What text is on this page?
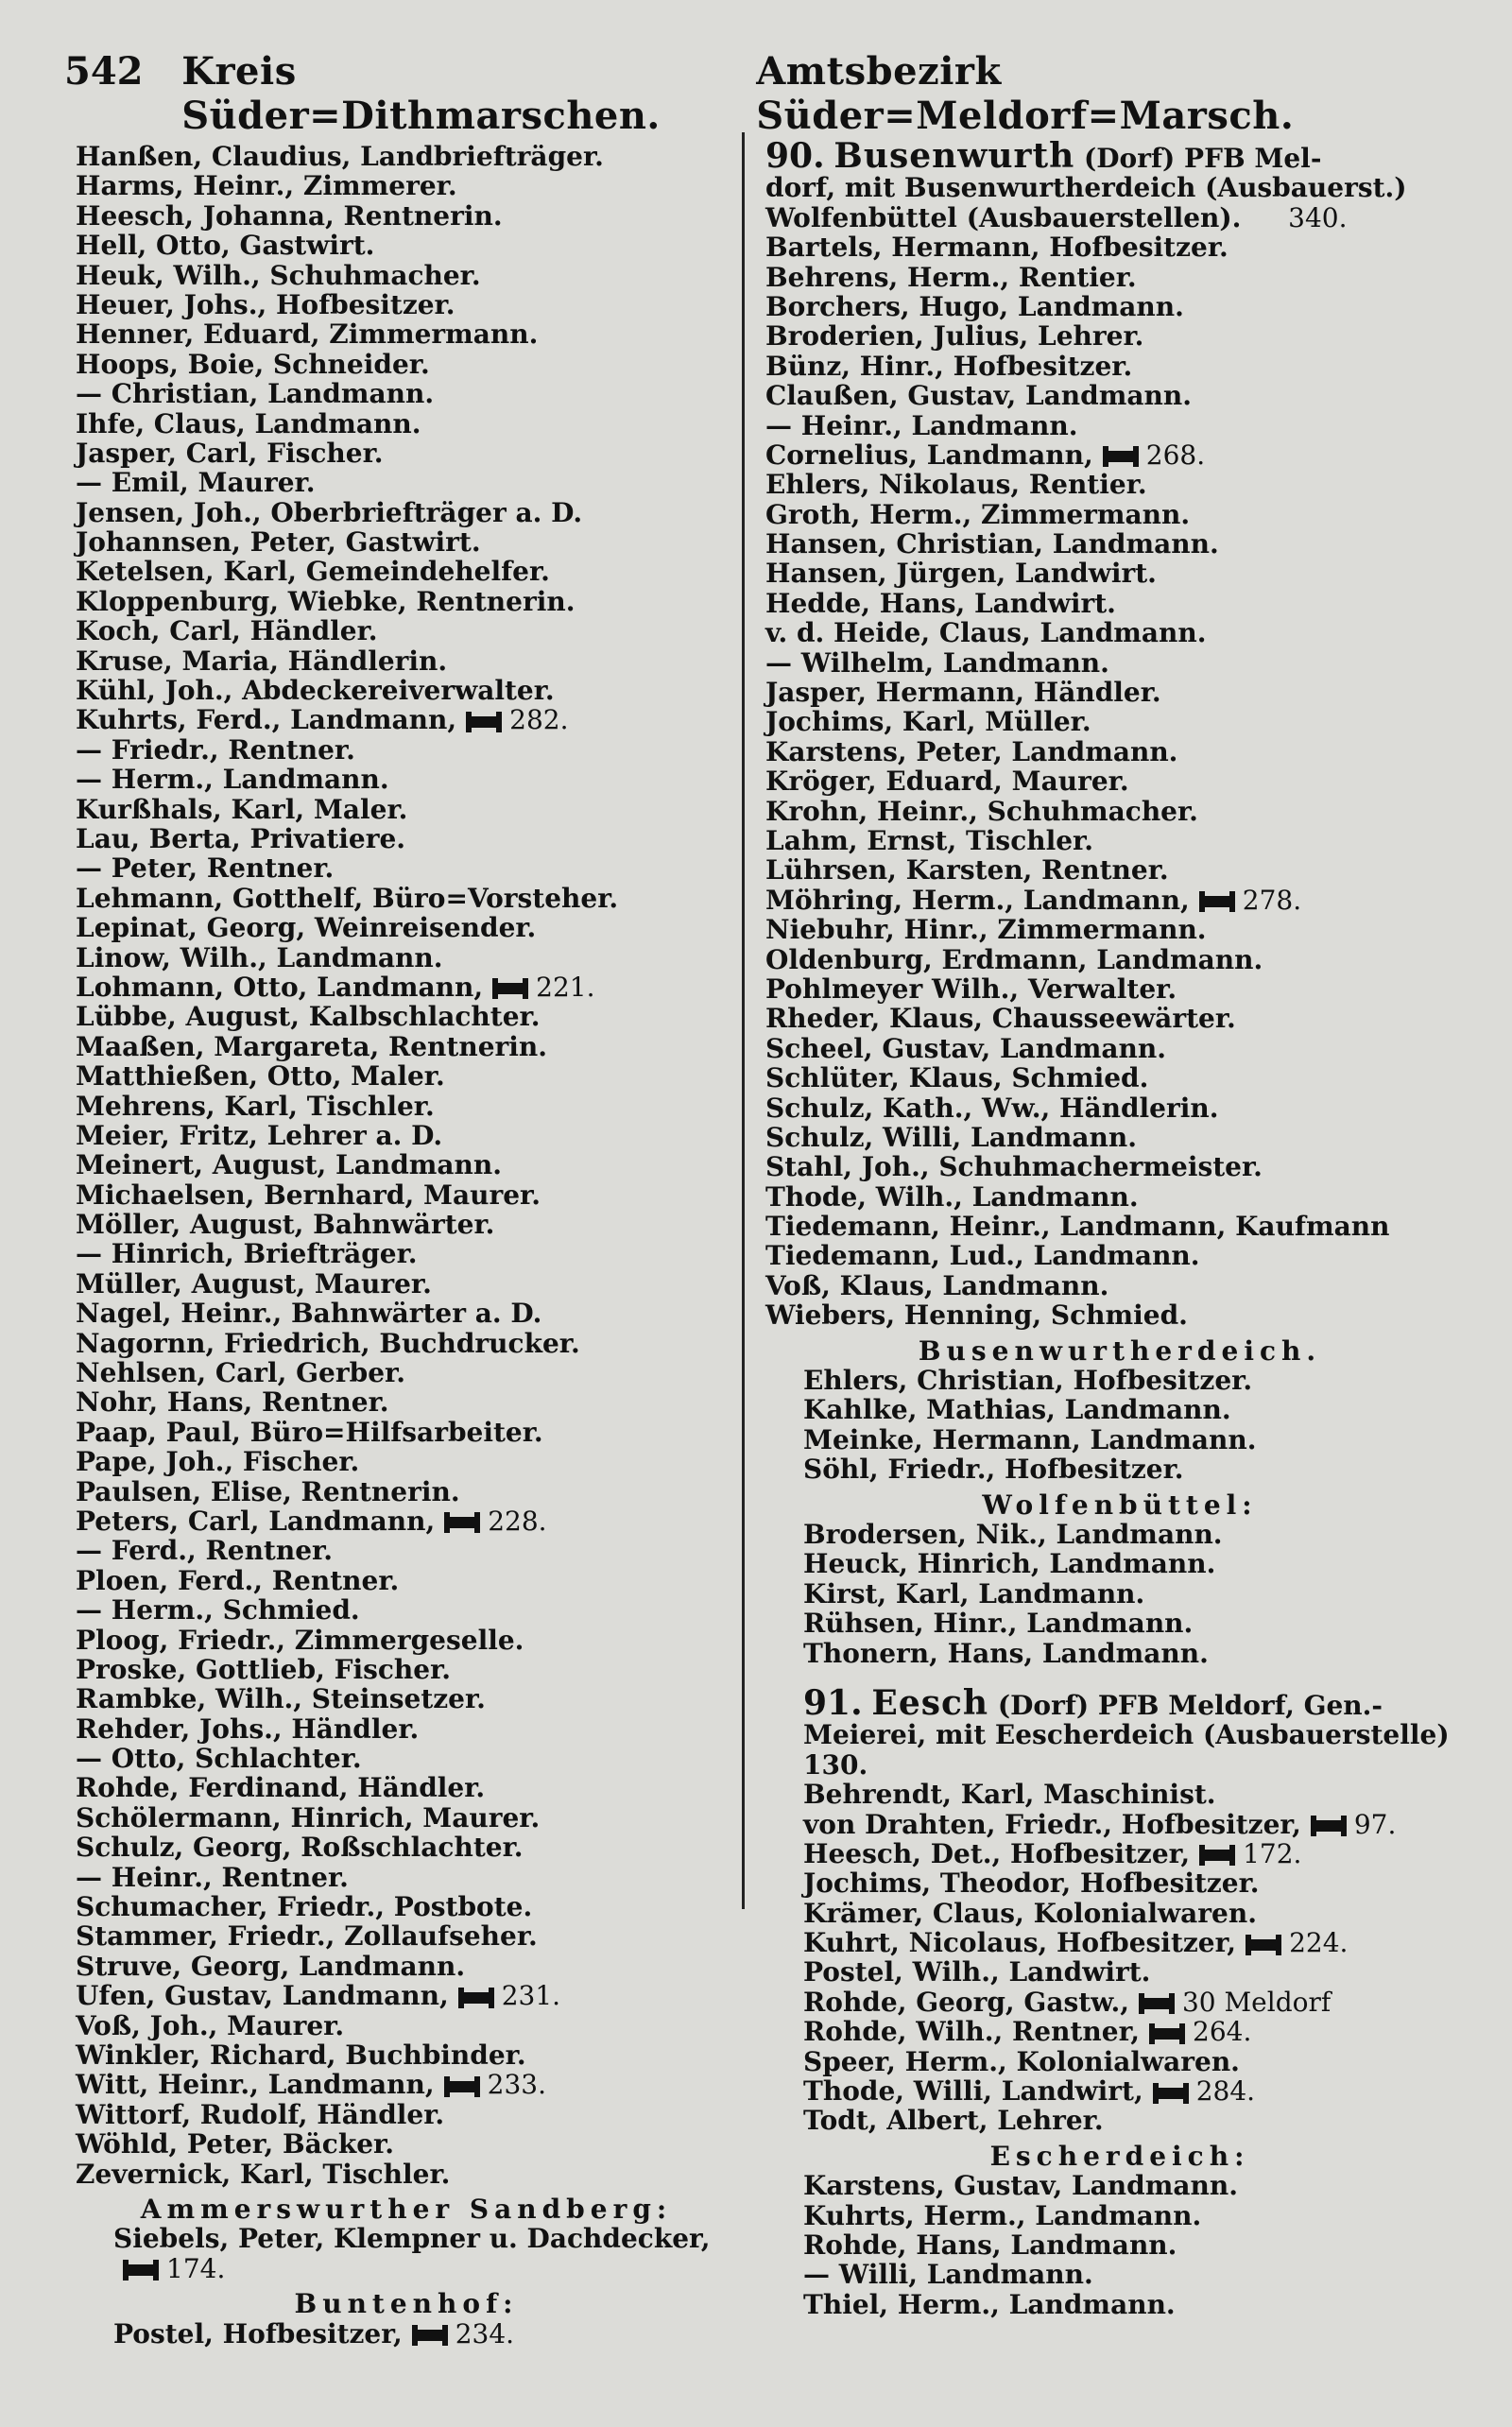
542	Kreis Süder=Dithmarschen.
Amtsbezirk Süder=Meldorf=Marsch.
Hanßen, Claudius, Landbriefträger.
Harms, Heinr., Zimmerer.
Heesch, Johanna, Rentnerin.
Hell, Otto, Gastwirt.
Heuk, Wilh., Schuhmacher.
Heuer, Johs., Hofbesitzer.
Henner, Eduard, Zimmermann.
Hoops, Boie, Schneider.
— Christian, Landmann.
Ihfe, Claus, Landmann.
Jasper, Carl, Fischer.
— Emil, Maurer.
Jensen, Joh., Oberbriefträger a. D.
Johannsen, Peter, Gastwirt.
Ketelsen, Karl, Gemeindehelfer.
Kloppenburg, Wiebke, Rentnerin.
Koch, Carl, Händler.
Kruse, Maria, Händlerin.
Kühl, Joh., Abdeckereiverwalter.
Kuhrts, Ferd., Landmann, 282.
— Friedr., Rentner.
— Herm., Landmann.
Kurßhals, Karl, Maler.
Lau, Berta, Privatiere.
— Peter, Rentner.
Lehmann, Gotthelf, Büro=Vorsteher.
Lepinat, Georg, Weinreisender.
Linow, Wilh., Landmann.
Lohmann, Otto, Landmann, 221.
Lübbe, August, Kalbschlachter.
Maaßen, Margareta, Rentnerin.
Matthießen, Otto, Maler.
Mehrens, Karl, Tischler.
Meier, Fritz, Lehrer a. D.
Meinert, August, Landmann.
Michaelsen, Bernhard, Maurer.
Möller, August, Bahnwärter.
— Hinrich, Briefträger.
Müller, August, Maurer.
Nagel, Heinr., Bahnwärter a. D.
Nagornn, Friedrich, Buchdrucker.
Nehlsen, Carl, Gerber.
Nohr, Hans, Rentner.
Paap, Paul, Büro=Hilfsarbeiter.
Pape, Joh., Fischer.
Paulsen, Elise, Rentnerin.
Peters, Carl, Landmann, 228.
— Ferd., Rentner.
Ploen, Ferd., Rentner.
— Herm., Schmied.
Ploog, Friedr., Zimmergeselle.
Proske, Gottlieb, Fischer.
Rambke, Wilh., Steinsetzer.
Rehder, Johs., Händler.
— Otto, Schlachter.
Rohde, Ferdinand, Händler.
Schölermann, Hinrich, Maurer.
Schulz, Georg, Roßschlachter.
— Heinr., Rentner.
Schumacher, Friedr., Postbote.
Stammer, Friedr., Zollaufseher.
Struve, Georg, Landmann.
Ufen, Gustav, Landmann, 231.
Voß, Joh., Maurer.
Winkler, Richard, Buchbinder.
Witt, Heinr., Landmann, 233.
Wittorf, Rudolf, Händler.
Wöhld, Peter, Bäcker.
Zevernick, Karl, Tischler.
Ammerswurther Sandberg:
Siebels, Peter, Klempner u. Dachdecker,
174.
Buntenhof:
Postel, Hofbesitzer, 234.
90. Busenwurth (Dorf) PFB Mel-
dorf, mit Busenwurtherdeich (Ausbauerst.)
Wolfenbüttel (Ausbauerstellen). 340.
Bartels, Hermann, Hofbesitzer.
Behrens, Herm., Rentier.
Borchers, Hugo, Landmann.
Broderien, Julius, Lehrer.
Bünz, Hinr., Hofbesitzer.
Claußen, Gustav, Landmann.
— Heinr., Landmann.
Cornelius, Landmann, 268.
Ehlers, Nikolaus, Rentier.
Groth, Herm., Zimmermann.
Hansen, Christian, Landmann.
Hansen, Jürgen, Landwirt.
Hedde, Hans, Landwirt.
v. d. Heide, Claus, Landmann.
— Wilhelm, Landmann.
Jasper, Hermann, Händler.
Jochims, Karl, Müller.
Karstens, Peter, Landmann.
Kröger, Eduard, Maurer.
Krohn, Heinr., Schuhmacher.
Lahm, Ernst, Tischler.
Lührsen, Karsten, Rentner.
Möhring, Herm., Landmann, 278.
Niebuhr, Hinr., Zimmermann.
Oldenburg, Erdmann, Landmann.
Pohlmeyer Wilh., Verwalter.
Rheder, Klaus, Chausseewärter.
Scheel, Gustav, Landmann.
Schlüter, Klaus, Schmied.
Schulz, Kath., Ww., Händlerin.
Schulz, Willi, Landmann.
Stahl, Joh., Schuhmachermeister.
Thode, Wilh., Landmann.
Tiedemann, Heinr., Landmann, Kaufmann
Tiedemann, Lud., Landmann.
Voß, Klaus, Landmann.
Wiebers, Henning, Schmied.
Busenwurtherdeich.
Ehlers, Christian, Hofbesitzer.
Kahlke, Mathias, Landmann.
Meinke, Hermann, Landmann.
Söhl, Friedr., Hofbesitzer.
Wolfenbüttel:
Brodersen, Nik., Landmann.
Heuck, Hinrich, Landmann.
Kirst, Karl, Landmann.
Rühsen, Hinr., Landmann.
Thonern, Hans, Landmann.
91. Eesch (Dorf) PFB Meldorf, Gen.-
Meierei, mit Eescherdeich (Ausbauerstelle)
130.
Behrendt, Karl, Maschinist.
von Drahten, Friedr., Hofbesitzer, 97.
Heesch, Det., Hofbesitzer, 172.
Jochims, Theodor, Hofbesitzer.
Krämer, Claus, Kolonialwaren.
Kuhrt, Nicolaus, Hofbesitzer, 224.
Postel, Wilh., Landwirt.
Rohde, Georg, Gastw., 30 Meldorf
Rohde, Wilh., Rentner, 264.
Speer, Herm., Kolonialwaren.
Thode, Willi, Landwirt, 284.
Todt, Albert, Lehrer.
Escherdeich:
Karstens, Gustav, Landmann.
Kuhrts, Herm., Landmann.
Rohde, Hans, Landmann.
— Willi, Landmann.
Thiel, Herm., Landmann.
